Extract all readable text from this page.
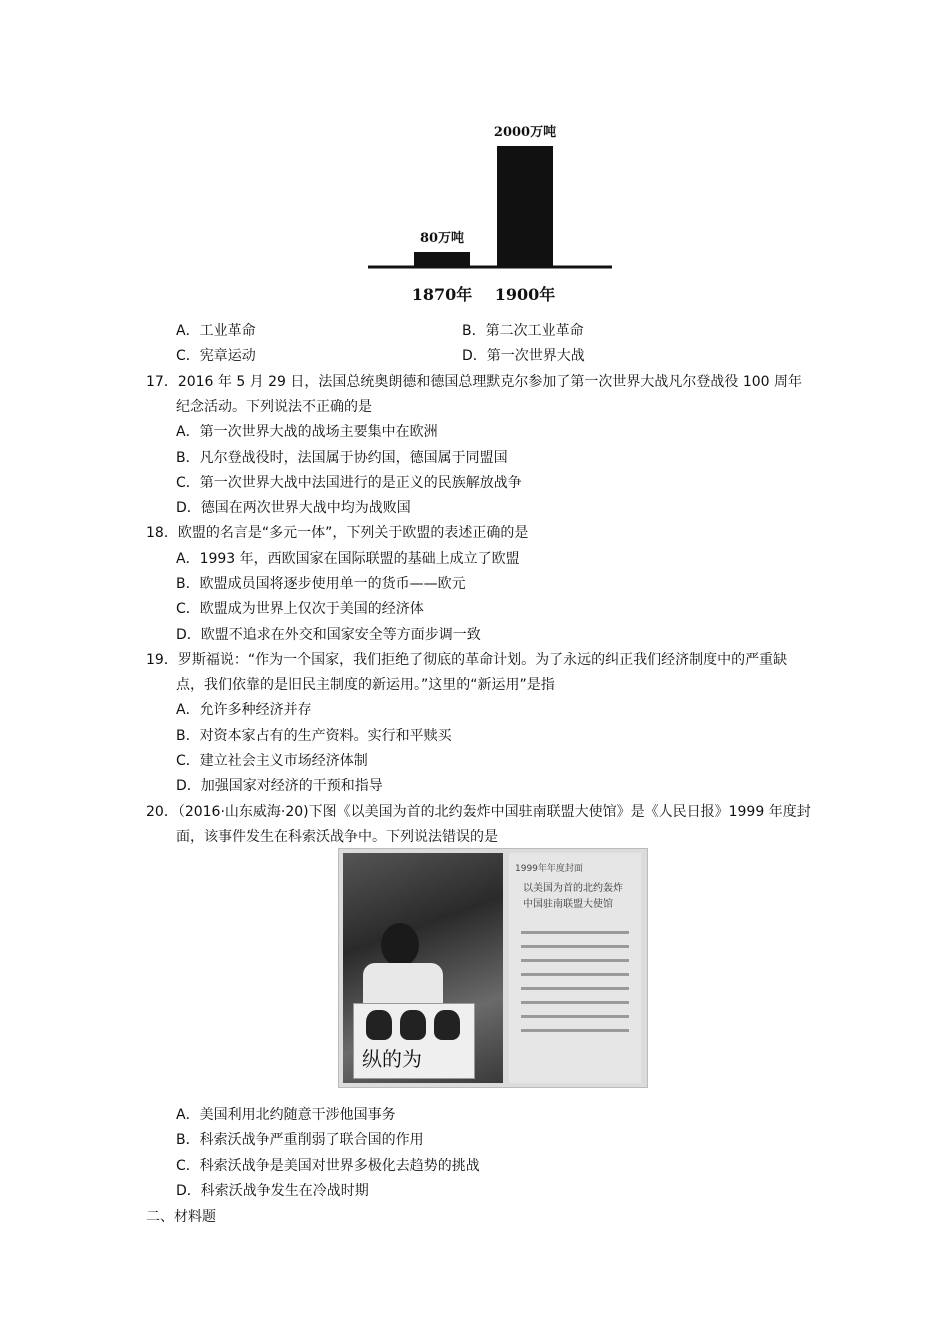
80万吨
2000万吨
1870年 1900年
A．工业革命	B．第二次工业革命
C．宪章运动	D．第一次世界大战
17．2016 年 5 月 29 日，法国总统奥朗德和德国总理默克尔参加了第一次世界大战凡尔登战役 100 周年
纪念活动。下列说法不正确的是
A．第一次世界大战的战场主要集中在欧洲
B．凡尔登战役时，法国属于协约国，德国属于同盟国
C．第一次世界大战中法国进行的是正义的民族解放战争
D．德国在两次世界大战中均为战败国
18．欧盟的名言是“多元一体”，下列关于欧盟的表述正确的是
A．1993 年，西欧国家在国际联盟的基础上成立了欧盟
B．欧盟成员国将逐步使用单一的货币——欧元
C．欧盟成为世界上仅次于美国的经济体
D．欧盟不追求在外交和国家安全等方面步调一致
19．罗斯福说：“作为一个国家，我们拒绝了彻底的革命计划。为了永远的纠正我们经济制度中的严重缺
点，我们依靠的是旧民主制度的新运用。”这里的“新运用”是指
A．允许多种经济并存
B．对资本家占有的生产资料。实行和平赎买
C．建立社会主义市场经济体制
D．加强国家对经济的干预和指导
20．（2016·山东威海·20)下图《以美国为首的北约轰炸中国驻南联盟大使馆》是《人民日报》1999 年度封
面，该事件发生在科索沃战争中。下列说法错误的是
纵的为
1999年年度封面
以美国为首的北约轰炸中国驻南联盟大使馆
A．美国利用北约随意干涉他国事务
B．科索沃战争严重削弱了联合国的作用
C．科索沃战争是美国对世界多极化去趋势的挑战
D．科索沃战争发生在冷战时期
二、材料题
